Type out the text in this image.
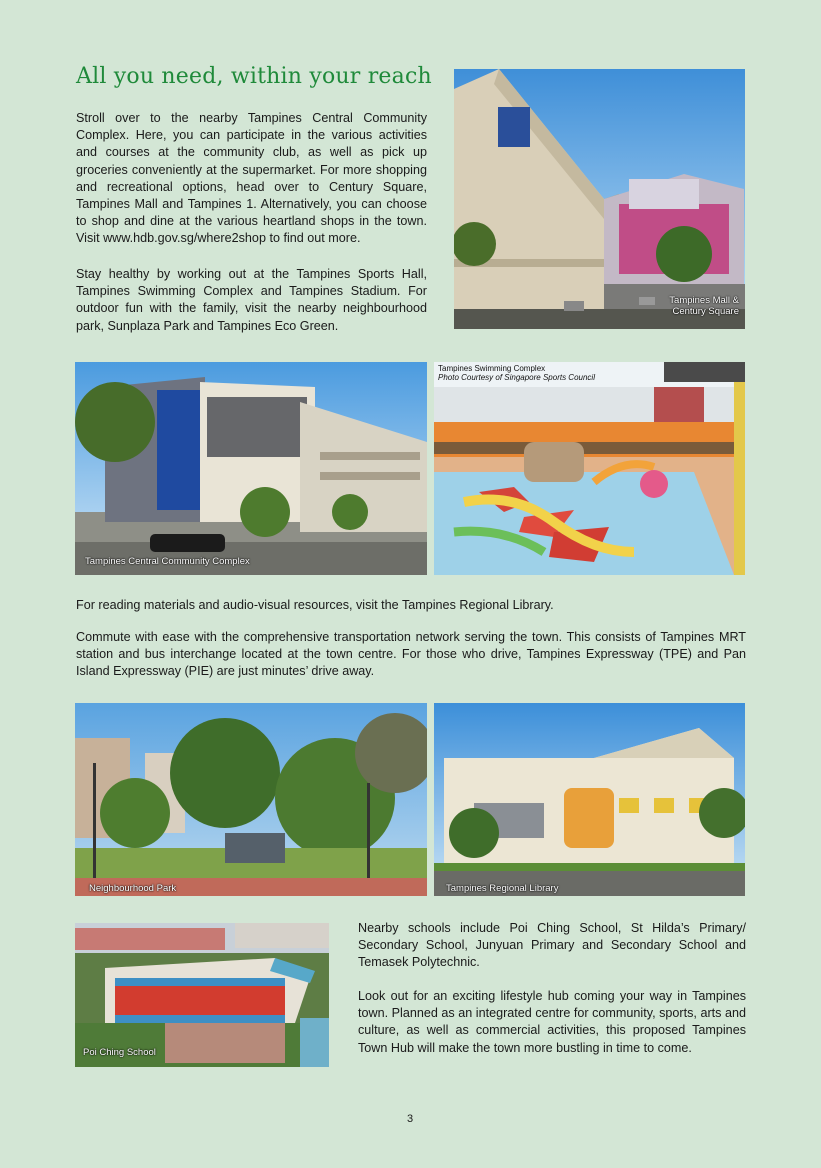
All you need, within your reach

Stroll over to the nearby Tampines Central Community Complex. Here, you can participate in the various activities and courses at the community club, as well as pick up groceries conveniently at the supermarket. For more shopping and recreational options, head over to Century Square, Tampines Mall and Tampines 1. Alternatively, you can choose to shop and dine at the various heartland shops in the town. Visit www.hdb.gov.sg/where2shop to find out more.

Stay healthy by working out at the Tampines Sports Hall, Tampines Swimming Complex and Tampines Stadium. For outdoor fun with the family, visit the nearby neighbourhood park, Sunplaza Park and Tampines Eco Green.

Tampines Mall &
Century Square
Tampines Central Community Complex
Tampines Swimming Complex
Photo Courtesy of Singapore Sports Council

For reading materials and audio-visual resources, visit the Tampines Regional Library.

Commute with ease with the comprehensive transportation network serving the town. This consists of Tampines MRT station and bus interchange located at the town centre. For those who drive, Tampines Expressway (TPE) and Pan Island Expressway (PIE) are just minutes’ drive away.

Neighbourhood Park	Tampines Regional Library
Poi Ching School

Nearby schools include Poi Ching School, St Hilda’s Primary/ Secondary School, Junyuan Primary and Secondary School and Temasek Polytechnic.

Look out for an exciting lifestyle hub coming your way in Tampines town. Planned as an integrated centre for community, sports, arts and culture, as well as commercial activities, this proposed Tampines Town Hub will make the town more bustling in time to come.

3
